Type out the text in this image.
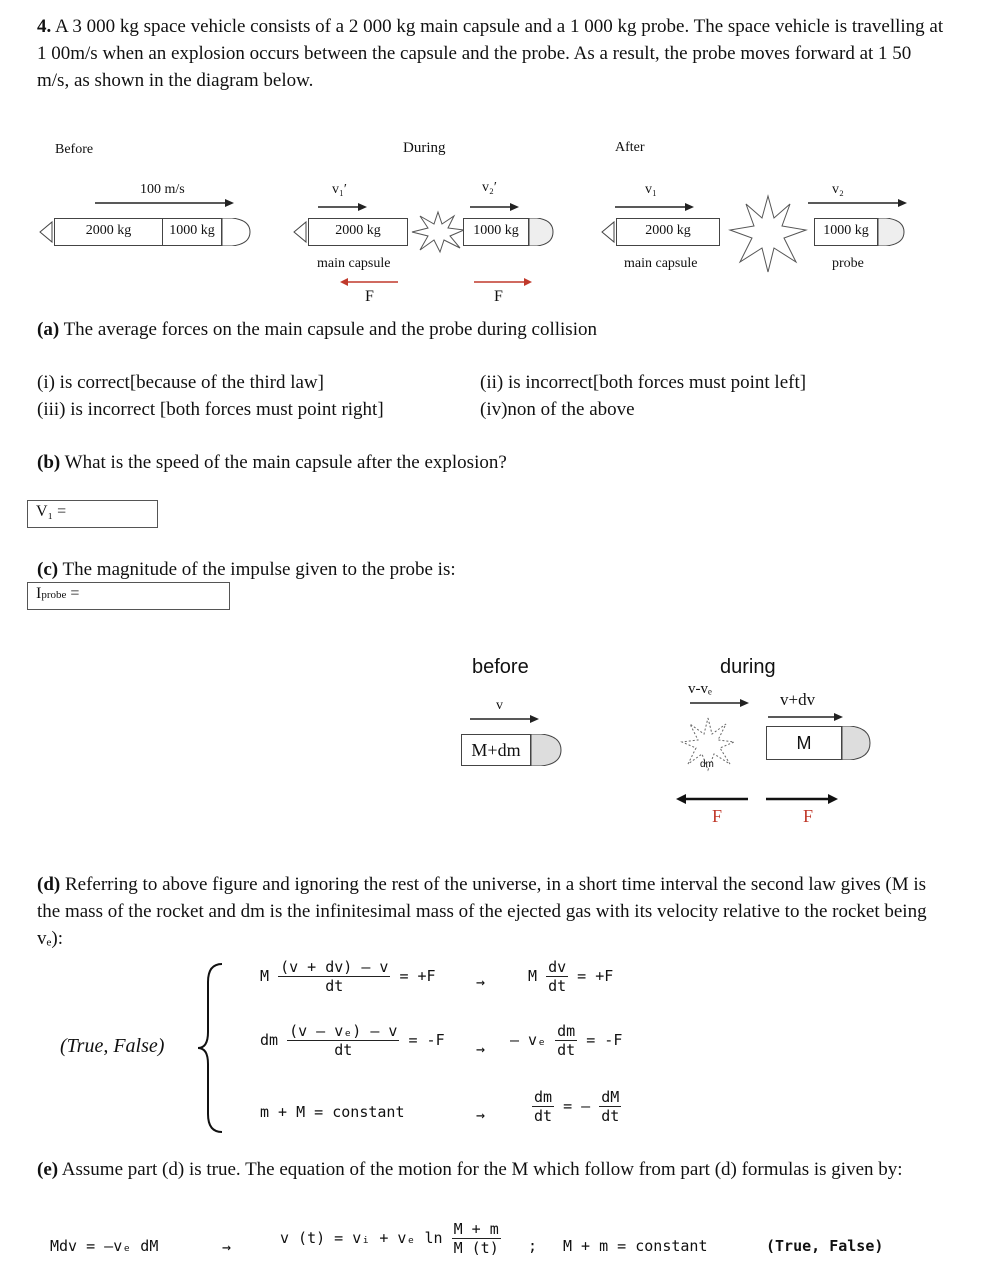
4. A 3 000 kg space vehicle consists of a 2 000 kg main capsule and a 1 000 kg probe. The space vehicle is travelling at 1 00m/s when an explosion occurs between the capsule and the probe. As a result, the probe moves forward at 1 50 m/s, as shown in the diagram below.
Before	During	After
100 m/s
2000 kg	1000 kg
v₁′	v₂′
2000 kg	1000 kg
main capsule
F	F
v₁	v₂
2000 kg	1000 kg
main capsule	probe
(a) The average forces on the main capsule and the probe during collision
(i) is correct[because of the third law]	(ii) is incorrect[both forces must point left]
(iii) is incorrect [both forces must point right]	(iv)non of the above
(b) What is the speed of the main capsule after the explosion?
V₁ =
(c) The magnitude of the impulse given to the probe is:
Iprobe =
before
v
M+dm
during
v-vₑ
v+dv
dm
M
F	F
(d) Referring to above figure and ignoring the rest of the universe, in a short time interval the second law gives (M is the mass of the rocket and dm is the infinitesimal mass of the ejected gas with its velocity relative to the rocket being vₑ):
(True, False)
M $\frac{(v + dv) - v}{dt} = +F$	→	M $\frac{dv}{dt} = +F$
dm $\frac{\text{(v – vₑ) – v}}{dt} = -F$ → – vₑ $\frac{dm}{dt} = -F$
m + M = constant	→	$\frac{dm}{dt}$ = – $\frac{dM}{dt}$
(e) Assume part (d) is true. The equation of the motion for the M which follow from part (d) formulas is given by:
Mdv = –vₑ dM	→	v (t) = vᵢ + vₑ $\ln \frac{M + m}{M (t)}$ ; M + m = constant	(True, False)
